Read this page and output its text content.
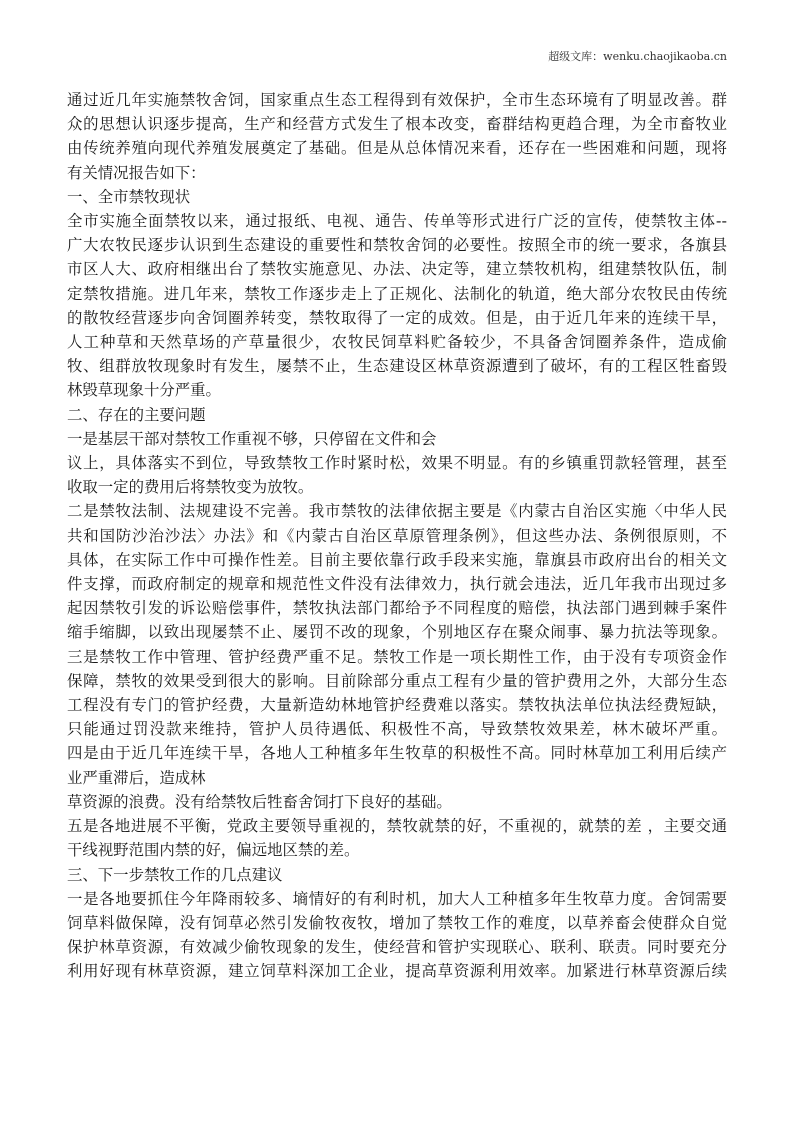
超级文库：wenku.chaojikaoba.cn
通过近几年实施禁牧舍饲，国家重点生态工程得到有效保护，全市生态环境有了明显改善。群
众的思想认识逐步提高，生产和经营方式发生了根本改变，畜群结构更趋合理，为全市畜牧业
由传统养殖向现代养殖发展奠定了基础。但是从总体情况来看，还存在一些困难和问题，现将
有关情况报告如下：
一、全市禁牧现状
全市实施全面禁牧以来，通过报纸、电视、通告、传单等形式进行广泛的宣传，使禁牧主体--
广大农牧民逐步认识到生态建设的重要性和禁牧舍饲的必要性。按照全市的统一要求，各旗县
市区人大、政府相继出台了禁牧实施意见、办法、决定等，建立禁牧机构，组建禁牧队伍，制
定禁牧措施。进几年来，禁牧工作逐步走上了正规化、法制化的轨道，绝大部分农牧民由传统
的散牧经营逐步向舍饲圈养转变，禁牧取得了一定的成效。但是，由于近几年来的连续干旱，
人工种草和天然草场的产草量很少，农牧民饲草料贮备较少，不具备舍饲圈养条件，造成偷
牧、组群放牧现象时有发生，屡禁不止，生态建设区林草资源遭到了破坏，有的工程区牲畜毁
林毁草现象十分严重。
二、存在的主要问题
一是基层干部对禁牧工作重视不够，只停留在文件和会
议上，具体落实不到位，导致禁牧工作时紧时松，效果不明显。有的乡镇重罚款轻管理，甚至
收取一定的费用后将禁牧变为放牧。
二是禁牧法制、法规建设不完善。我市禁牧的法律依据主要是《内蒙古自治区实施〈中华人民
共和国防沙治沙法〉办法》和《内蒙古自治区草原管理条例》，但这些办法、条例很原则，不
具体，在实际工作中可操作性差。目前主要依靠行政手段来实施，靠旗县市政府出台的相关文
件支撑，而政府制定的规章和规范性文件没有法律效力，执行就会违法，近几年我市出现过多
起因禁牧引发的诉讼赔偿事件，禁牧执法部门都给予不同程度的赔偿，执法部门遇到棘手案件
缩手缩脚，以致出现屡禁不止、屡罚不改的现象，个别地区存在聚众闹事、暴力抗法等现象。
三是禁牧工作中管理、管护经费严重不足。禁牧工作是一项长期性工作，由于没有专项资金作
保障，禁牧的效果受到很大的影响。目前除部分重点工程有少量的管护费用之外，大部分生态
工程没有专门的管护经费，大量新造幼林地管护经费难以落实。禁牧执法单位执法经费短缺，
只能通过罚没款来维持，管护人员待遇低、积极性不高，导致禁牧效果差，林木破坏严重。
四是由于近几年连续干旱，各地人工种植多年生牧草的积极性不高。同时林草加工利用后续产
业严重滞后，造成林
草资源的浪费。没有给禁牧后牲畜舍饲打下良好的基础。
五是各地进展不平衡，党政主要领导重视的，禁牧就禁的好，不重视的，就禁的差 ，主要交通
干线视野范围内禁的好，偏远地区禁的差。
三、下一步禁牧工作的几点建议
一是各地要抓住今年降雨较多、墒情好的有利时机，加大人工种植多年生牧草力度。舍饲需要
饲草料做保障，没有饲草必然引发偷牧夜牧，增加了禁牧工作的难度，以草养畜会使群众自觉
保护林草资源，有效减少偷牧现象的发生，使经营和管护实现联心、联利、联责。同时要充分
利用好现有林草资源，建立饲草料深加工企业，提高草资源利用效率。加紧进行林草资源后续
